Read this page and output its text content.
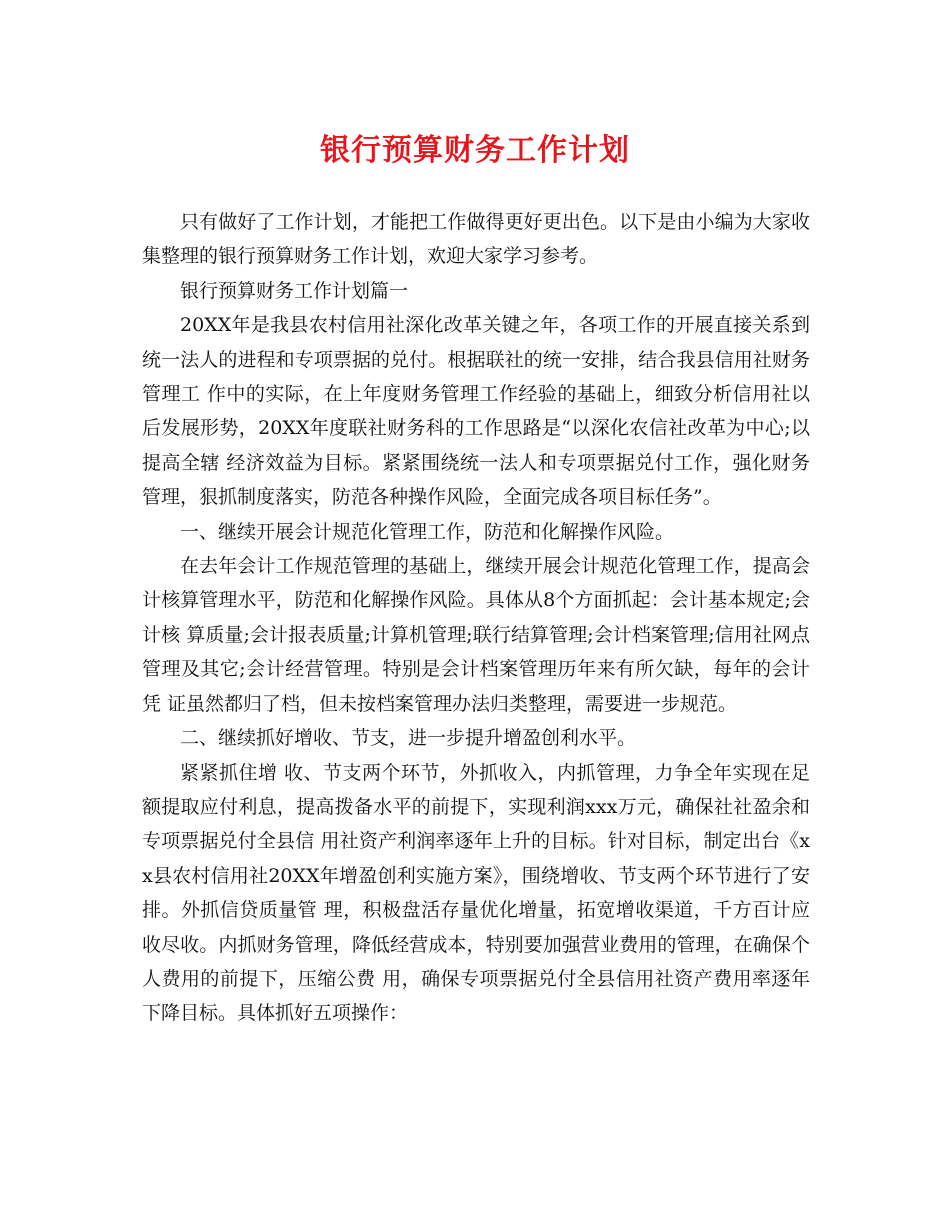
银行预算财务工作计划

只有做好了工作计划，才能把工作做得更好更出色。以下是由小编为大家收集整理的银行预算财务工作计划，欢迎大家学习参考。

银行预算财务工作计划篇一

20XX年是我县农村信用社深化改革关键之年，各项工作的开展直接关系到统一法人的进程和专项票据的兑付。根据联社的统一安排，结合我县信用社财务管理工 作中的实际，在上年度财务管理工作经验的基础上，细致分析信用社以后发展形势，20XX年度联社财务科的工作思路是“以深化农信社改革为中心;以提高全辖 经济效益为目标。紧紧围绕统一法人和专项票据兑付工作，强化财务管理，狠抓制度落实，防范各种操作风险，全面完成各项目标任务”。

一、继续开展会计规范化管理工作，防范和化解操作风险。

在去年会计工作规范管理的基础上，继续开展会计规范化管理工作，提高会计核算管理水平，防范和化解操作风险。具体从8个方面抓起：会计基本规定;会计核 算质量;会计报表质量;计算机管理;联行结算管理;会计档案管理;信用社网点管理及其它;会计经营管理。特别是会计档案管理历年来有所欠缺，每年的会计凭 证虽然都归了档，但未按档案管理办法归类整理，需要进一步规范。

二、继续抓好增收、节支，进一步提升增盈创利水平。

紧紧抓住增 收、节支两个环节，外抓收入，内抓管理，力争全年实现在足额提取应付利息，提高拨备水平的前提下，实现利润xxx万元，确保社社盈余和专项票据兑付全县信 用社资产利润率逐年上升的目标。针对目标，制定出台《xx县农村信用社20XX年增盈创利实施方案》，围绕增收、节支两个环节进行了安排。外抓信贷质量管 理，积极盘活存量优化增量，拓宽增收渠道，千方百计应收尽收。内抓财务管理，降低经营成本，特别要加强营业费用的管理，在确保个人费用的前提下，压缩公费 用，确保专项票据兑付全县信用社资产费用率逐年下降目标。具体抓好五项操作：
